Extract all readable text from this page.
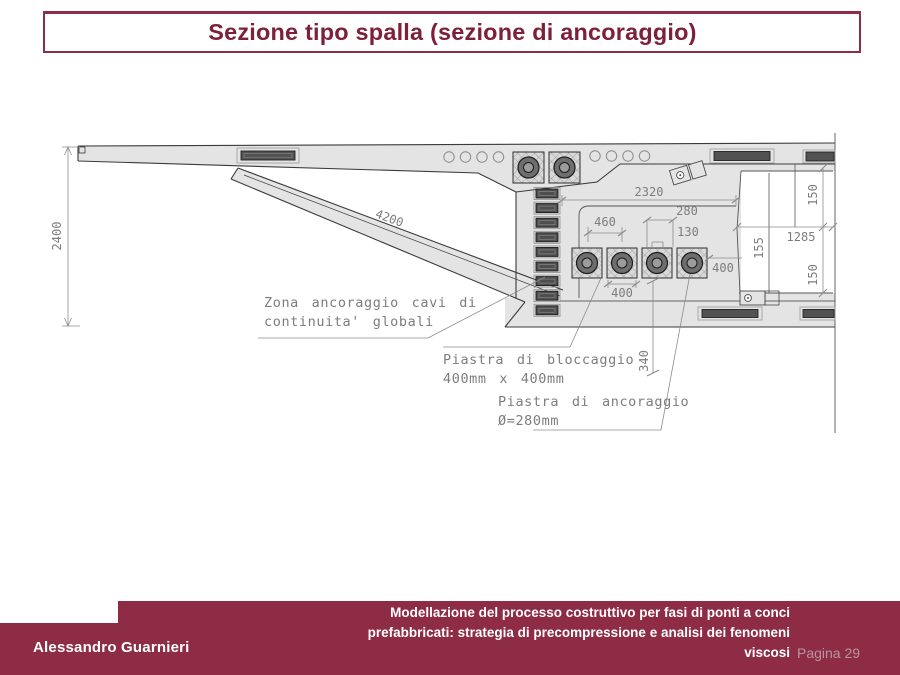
Sezione tipo spalla (sezione di ancoraggio)
2400
4200
2320
460
280
130
400
400
340
150
155
1285
150
Zona ancoraggio cavi di
continuita' globali
Piastra di bloccaggio
400mm x 400mm
Piastra di ancoraggio
Ø=280mm
Alessandro Guarnieri
Modellazione del processo costruttivo per fasi di ponti a conci
prefabbricati: strategia di precompressione e analisi dei fenomeni
viscosi Pagina 29
